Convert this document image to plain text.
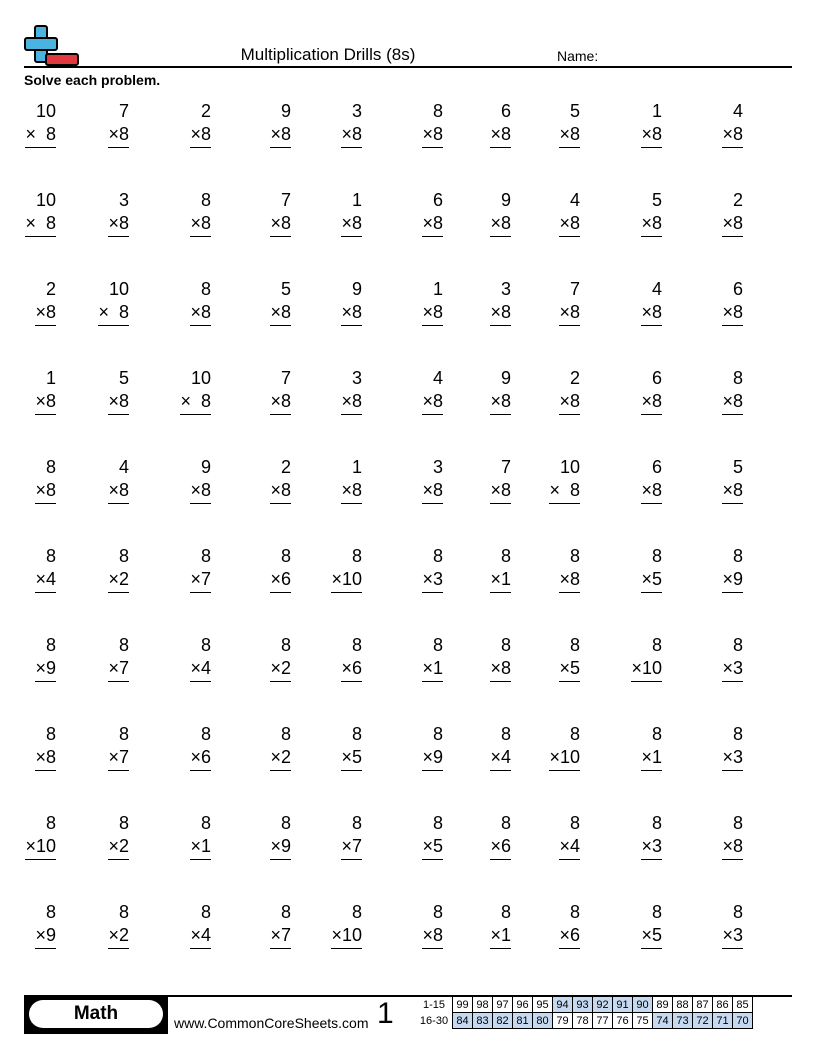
Multiplication Drills (8s)	Name:
Solve each problem.
10
×  8
7
×8
2
×8
9
×8
3
×8
8
×8
6
×8
5
×8
1
×8
4
×8
10
×  8
3
×8
8
×8
7
×8
1
×8
6
×8
9
×8
4
×8
5
×8
2
×8
2
×8
10
×  8
8
×8
5
×8
9
×8
1
×8
3
×8
7
×8
4
×8
6
×8
1
×8
5
×8
10
×  8
7
×8
3
×8
4
×8
9
×8
2
×8
6
×8
8
×8
8
×8
4
×8
9
×8
2
×8
1
×8
3
×8
7
×8
10
×  8
6
×8
5
×8
8
×4
8
×2
8
×7
8
×6
8
×10
8
×3
8
×1
8
×8
8
×5
8
×9
8
×9
8
×7
8
×4
8
×2
8
×6
8
×1
8
×8
8
×5
8
×10
8
×3
8
×8
8
×7
8
×6
8
×2
8
×5
8
×9
8
×4
8
×10
8
×1
8
×3
8
×10
8
×2
8
×1
8
×9
8
×7
8
×5
8
×6
8
×4
8
×3
8
×8
8
×9
8
×2
8
×4
8
×7
8
×10
8
×8
8
×1
8
×6
8
×5
8
×3
Math	www.CommonCoreSheets.com 1	1-15	99	98	97	96	95	94	93	92	91	90	89	88	87	86	85
16-30	84	83	82	81	80	79	78	77	76	75	74	73	72	71	70
